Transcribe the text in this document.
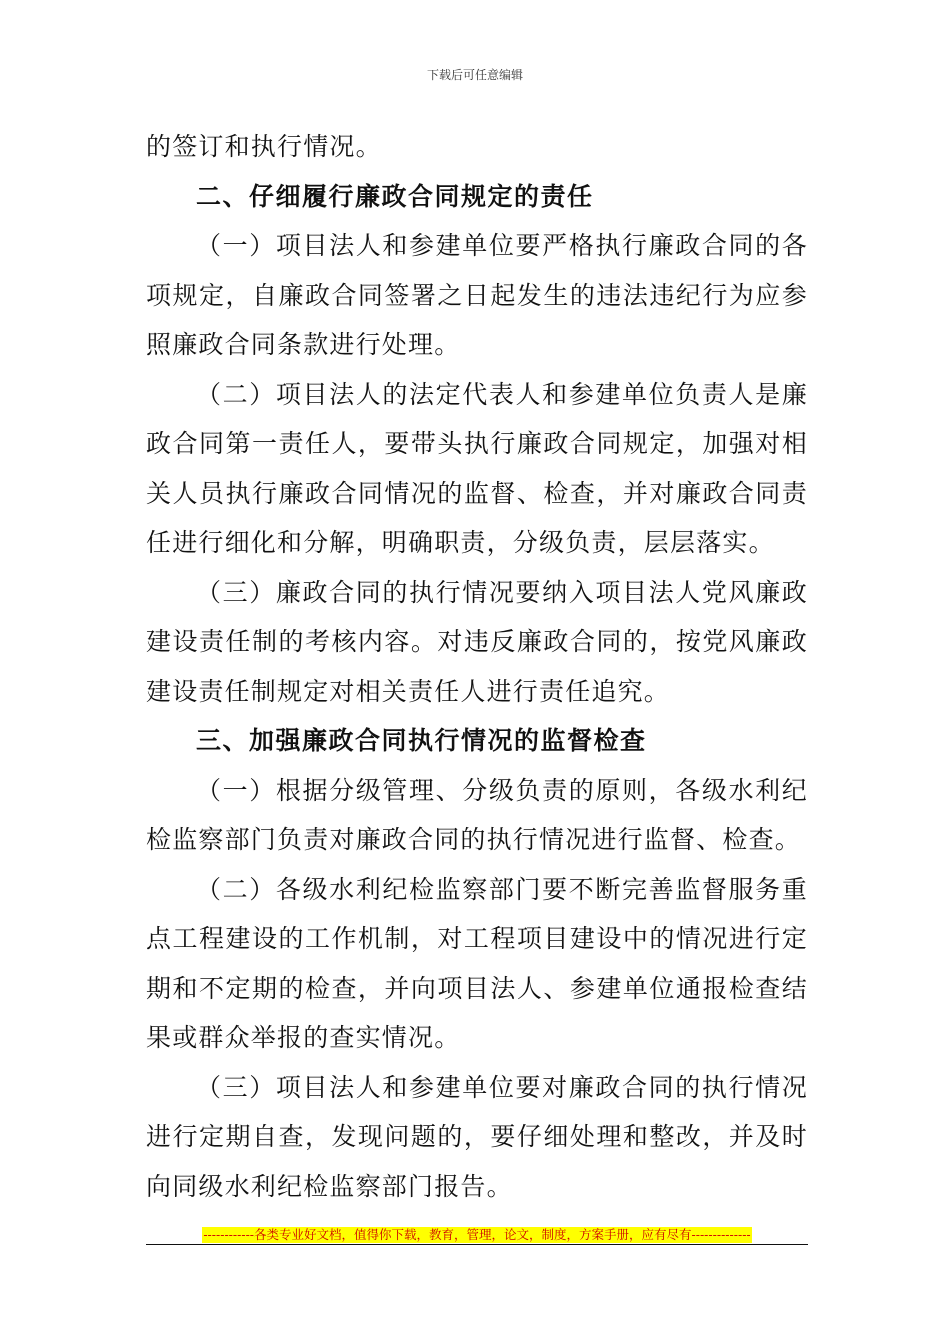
下载后可任意编辑
的签订和执行情况。
二、仔细履行廉政合同规定的责任
（一）项目法人和参建单位要严格执行廉政合同的各
项规定，自廉政合同签署之日起发生的违法违纪行为应参
照廉政合同条款进行处理。
（二）项目法人的法定代表人和参建单位负责人是廉
政合同第一责任人，要带头执行廉政合同规定，加强对相
关人员执行廉政合同情况的监督、检查，并对廉政合同责
任进行细化和分解，明确职责，分级负责，层层落实。
（三）廉政合同的执行情况要纳入项目法人党风廉政
建设责任制的考核内容。对违反廉政合同的，按党风廉政
建设责任制规定对相关责任人进行责任追究。
三、加强廉政合同执行情况的监督检查
（一）根据分级管理、分级负责的原则，各级水利纪
检监察部门负责对廉政合同的执行情况进行监督、检查。
（二）各级水利纪检监察部门要不断完善监督服务重
点工程建设的工作机制，对工程项目建设中的情况进行定
期和不定期的检查，并向项目法人、参建单位通报检查结
果或群众举报的查实情况。
（三）项目法人和参建单位要对廉政合同的执行情况
进行定期自查，发现问题的，要仔细处理和整改，并及时
向同级水利纪检监察部门报告。
------------各类专业好文档，值得你下载，教育，管理，论文，制度，方案手册，应有尽有--------------
